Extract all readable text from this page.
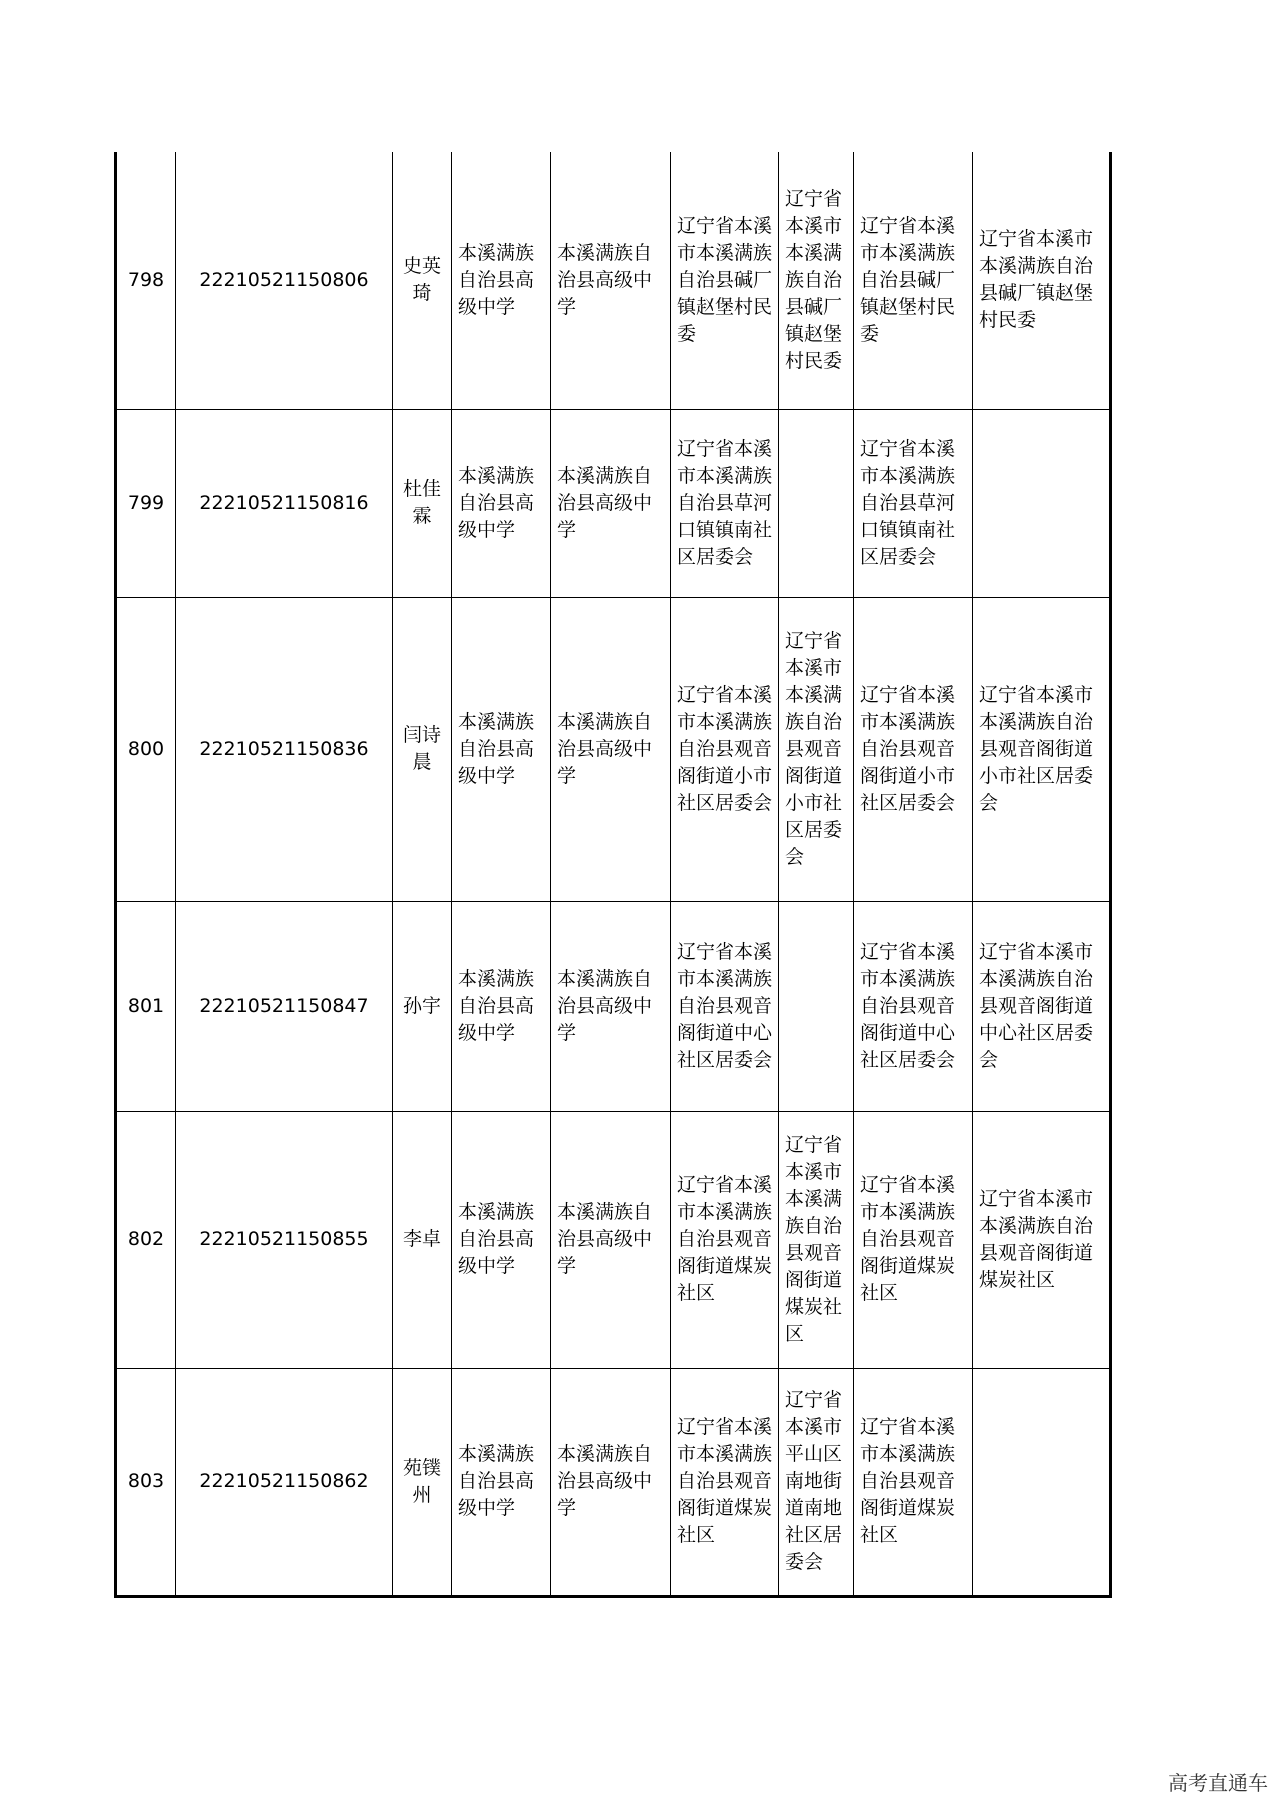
798	22210521150806	史英琦	本溪满族自治县高级中学	本溪满族自治县高级中学	辽宁省本溪市本溪满族自治县碱厂镇赵堡村民委	辽宁省本溪市本溪满族自治县碱厂镇赵堡村民委	辽宁省本溪市本溪满族自治县碱厂镇赵堡村民委	辽宁省本溪市本溪满族自治县碱厂镇赵堡村民委
799	22210521150816	杜佳霖	本溪满族自治县高级中学	本溪满族自治县高级中学	辽宁省本溪市本溪满族自治县草河口镇镇南社区居委会		辽宁省本溪市本溪满族自治县草河口镇镇南社区居委会	
800	22210521150836	闫诗晨	本溪满族自治县高级中学	本溪满族自治县高级中学	辽宁省本溪市本溪满族自治县观音阁街道小市社区居委会	辽宁省本溪市本溪满族自治县观音阁街道小市社区居委会	辽宁省本溪市本溪满族自治县观音阁街道小市社区居委会	辽宁省本溪市本溪满族自治县观音阁街道小市社区居委会
801	22210521150847	孙宇	本溪满族自治县高级中学	本溪满族自治县高级中学	辽宁省本溪市本溪满族自治县观音阁街道中心社区居委会		辽宁省本溪市本溪满族自治县观音阁街道中心社区居委会	辽宁省本溪市本溪满族自治县观音阁街道中心社区居委会
802	22210521150855	李卓	本溪满族自治县高级中学	本溪满族自治县高级中学	辽宁省本溪市本溪满族自治县观音阁街道煤炭社区	辽宁省本溪市本溪满族自治县观音阁街道煤炭社区	辽宁省本溪市本溪满族自治县观音阁街道煤炭社区	辽宁省本溪市本溪满族自治县观音阁街道煤炭社区
803	22210521150862	苑镤州	本溪满族自治县高级中学	本溪满族自治县高级中学	辽宁省本溪市本溪满族自治县观音阁街道煤炭社区	辽宁省本溪市平山区南地街道南地社区居委会	辽宁省本溪市本溪满族自治县观音阁街道煤炭社区	
高考直通车
